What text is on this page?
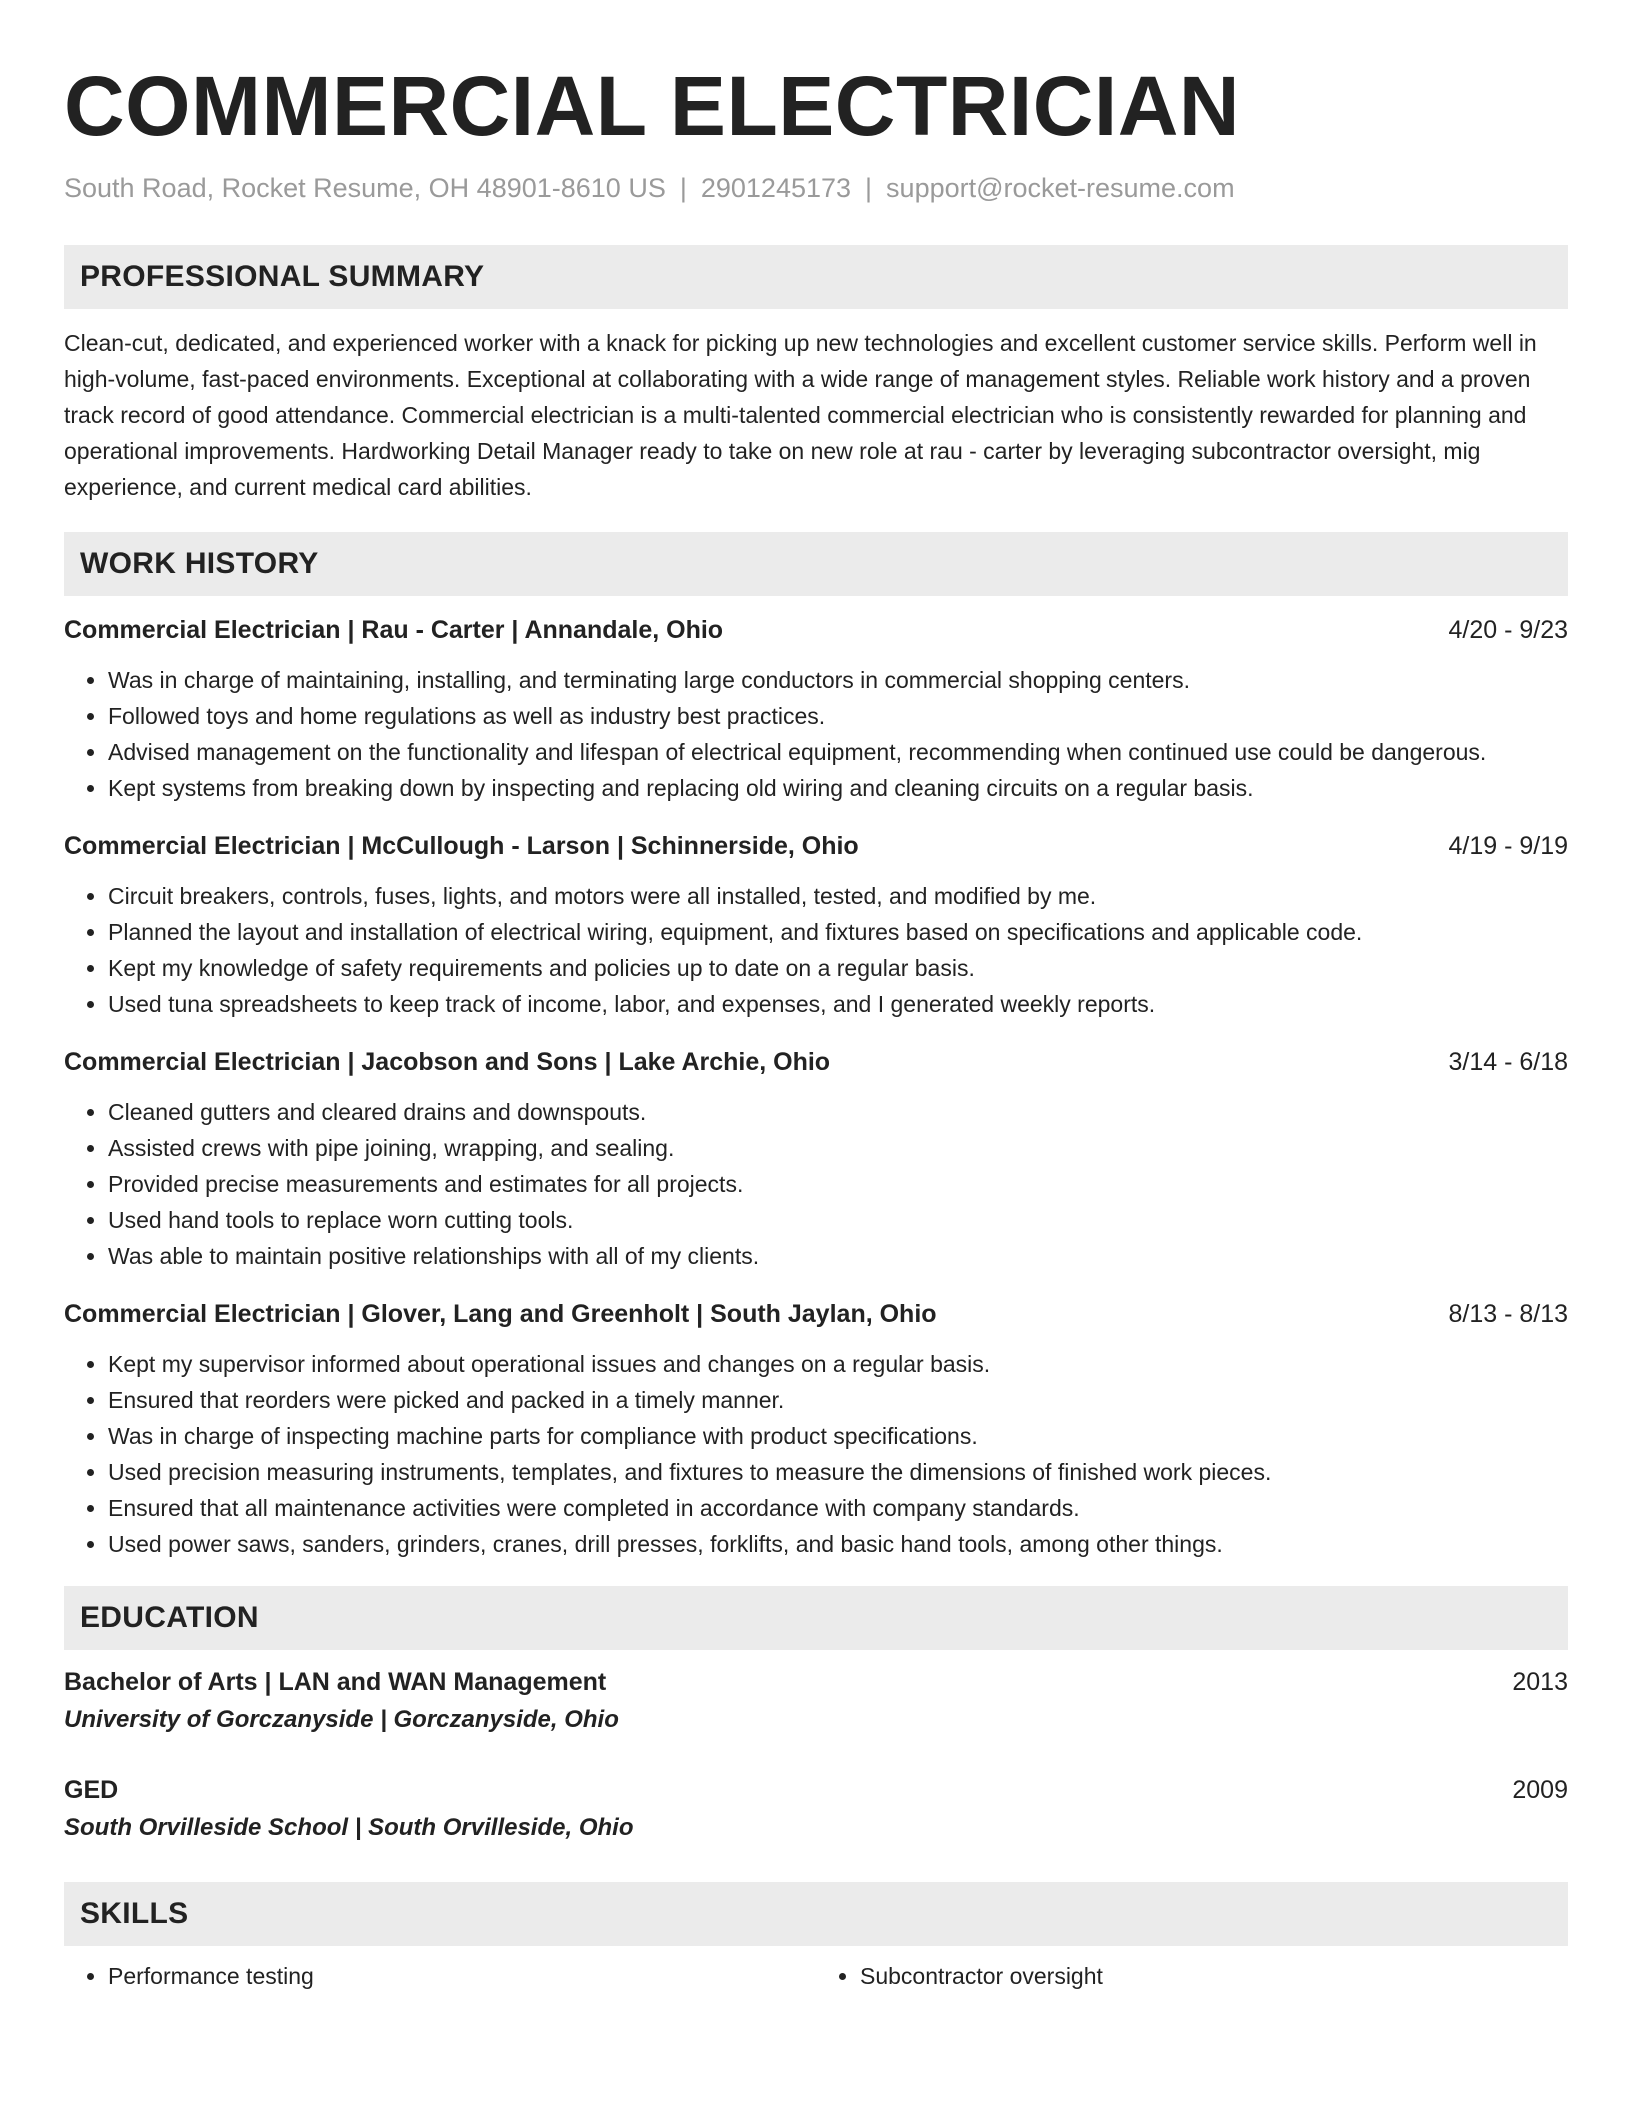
COMMERCIAL ELECTRICIAN
South Road, Rocket Resume, OH 48901-8610 US | 2901245173 | support@rocket-resume.com
PROFESSIONAL SUMMARY

Clean-cut, dedicated, and experienced worker with a knack for picking up new technologies and excellent customer service skills. Perform well in high-volume, fast-paced environments. Exceptional at collaborating with a wide range of management styles. Reliable work history and a proven track record of good attendance. Commercial electrician is a multi-talented commercial electrician who is consistently rewarded for planning and operational improvements. Hardworking Detail Manager ready to take on new role at rau - carter by leveraging subcontractor oversight, mig experience, and current medical card abilities.

WORK HISTORY
Commercial Electrician | Rau - Carter | Annandale, Ohio	4/20 - 9/23
• Was in charge of maintaining, installing, and terminating large conductors in commercial shopping centers.
• Followed toys and home regulations as well as industry best practices.
• Advised management on the functionality and lifespan of electrical equipment, recommending when continued use could be dangerous.
• Kept systems from breaking down by inspecting and replacing old wiring and cleaning circuits on a regular basis.
Commercial Electrician | McCullough - Larson | Schinnerside, Ohio	4/19 - 9/19
• Circuit breakers, controls, fuses, lights, and motors were all installed, tested, and modified by me.
• Planned the layout and installation of electrical wiring, equipment, and fixtures based on specifications and applicable code.
• Kept my knowledge of safety requirements and policies up to date on a regular basis.
• Used tuna spreadsheets to keep track of income, labor, and expenses, and I generated weekly reports.
Commercial Electrician | Jacobson and Sons | Lake Archie, Ohio	3/14 - 6/18
• Cleaned gutters and cleared drains and downspouts.
• Assisted crews with pipe joining, wrapping, and sealing.
• Provided precise measurements and estimates for all projects.
• Used hand tools to replace worn cutting tools.
• Was able to maintain positive relationships with all of my clients.
Commercial Electrician | Glover, Lang and Greenholt | South Jaylan, Ohio	8/13 - 8/13
• Kept my supervisor informed about operational issues and changes on a regular basis.
• Ensured that reorders were picked and packed in a timely manner.
• Was in charge of inspecting machine parts for compliance with product specifications.
• Used precision measuring instruments, templates, and fixtures to measure the dimensions of finished work pieces.
• Ensured that all maintenance activities were completed in accordance with company standards.
• Used power saws, sanders, grinders, cranes, drill presses, forklifts, and basic hand tools, among other things.
EDUCATION
Bachelor of Arts | LAN and WAN Management	2013
University of Gorczanyside | Gorczanyside, Ohio
GED	2009
South Orvilleside School | South Orvilleside, Ohio
SKILLS
• Performance testing
•	Subcontractor oversight
